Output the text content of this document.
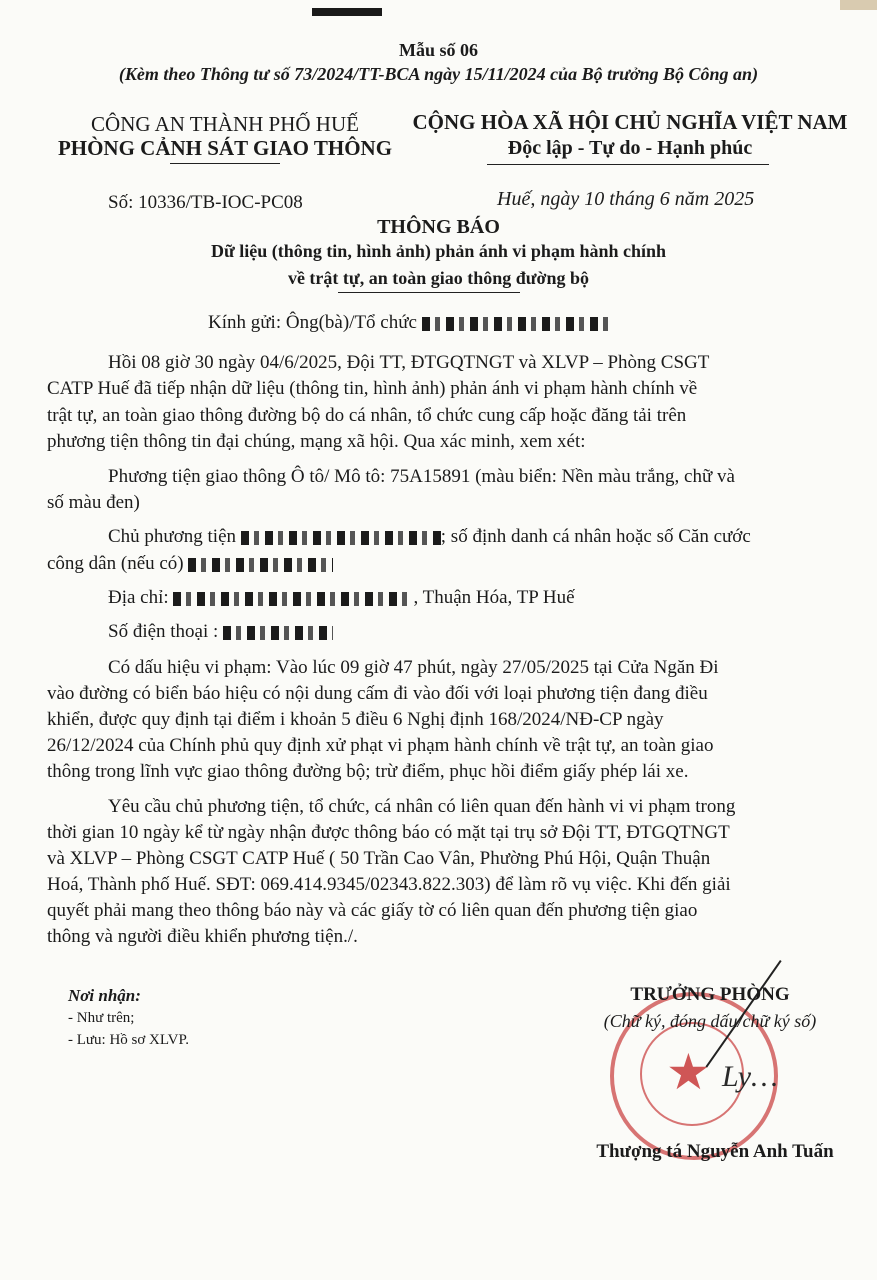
Mẫu số 06
(Kèm theo Thông tư số 73/2024/TT-BCA ngày 15/11/2024 của Bộ trưởng Bộ Công an)
CÔNG AN THÀNH PHỐ HUẾ
PHÒNG CẢNH SÁT GIAO THÔNG
CỘNG HÒA XÃ HỘI CHỦ NGHĨA VIỆT NAM
Độc lập - Tự do - Hạnh phúc
Số: 10336/TB-IOC-PC08	Huế, ngày 10 tháng 6 năm 2025
THÔNG BÁO
Dữ liệu (thông tin, hình ảnh) phản ánh vi phạm hành chính
về trật tự, an toàn giao thông đường bộ
Kính gửi: Ông(bà)/Tổ chức
Hồi 08 giờ 30 ngày 04/6/2025, Đội TT, ĐTGQTNGT và XLVP – Phòng CSGT
CATP Huế đã tiếp nhận dữ liệu (thông tin, hình ảnh) phản ánh vi phạm hành chính về
trật tự, an toàn giao thông đường bộ do cá nhân, tổ chức cung cấp hoặc đăng tải trên
phương tiện thông tin đại chúng, mạng xã hội. Qua xác minh, xem xét:
Phương tiện giao thông Ô tô/ Mô tô: 75A15891 (màu biển: Nền màu trắng, chữ và
số màu đen)
Chủ phương tiện	; số định danh cá nhân hoặc số Căn cước
công dân (nếu có)
Địa chỉ:	, Thuận Hóa, TP Huế
Số điện thoại :
Có dấu hiệu vi phạm: Vào lúc 09 giờ 47 phút, ngày 27/05/2025 tại Cửa Ngăn Đi
vào đường có biển báo hiệu có nội dung cấm đi vào đối với loại phương tiện đang điều
khiển, được quy định tại điểm i khoản 5 điều 6 Nghị định 168/2024/NĐ-CP ngày
26/12/2024 của Chính phủ quy định xử phạt vi phạm hành chính về trật tự, an toàn giao
thông trong lĩnh vực giao thông đường bộ; trừ điểm, phục hồi điểm giấy phép lái xe.
Yêu cầu chủ phương tiện, tổ chức, cá nhân có liên quan đến hành vi vi phạm trong
thời gian 10 ngày kể từ ngày nhận được thông báo có mặt tại trụ sở Đội TT, ĐTGQTNGT
và XLVP – Phòng CSGT CATP Huế ( 50 Trần Cao Vân, Phường Phú Hội, Quận Thuận
Hoá, Thành phố Huế. SĐT: 069.414.9345/02343.822.303) để làm rõ vụ việc. Khi đến giải
quyết phải mang theo thông báo này và các giấy tờ có liên quan đến phương tiện giao
thông và người điều khiển phương tiện./.
Nơi nhận:
- Như trên;
- Lưu: Hồ sơ XLVP.
★ Ly…
TRƯỞNG PHÒNG
(Chữ ký, đóng dấu/chữ ký số)
Thượng tá Nguyễn Anh Tuấn
